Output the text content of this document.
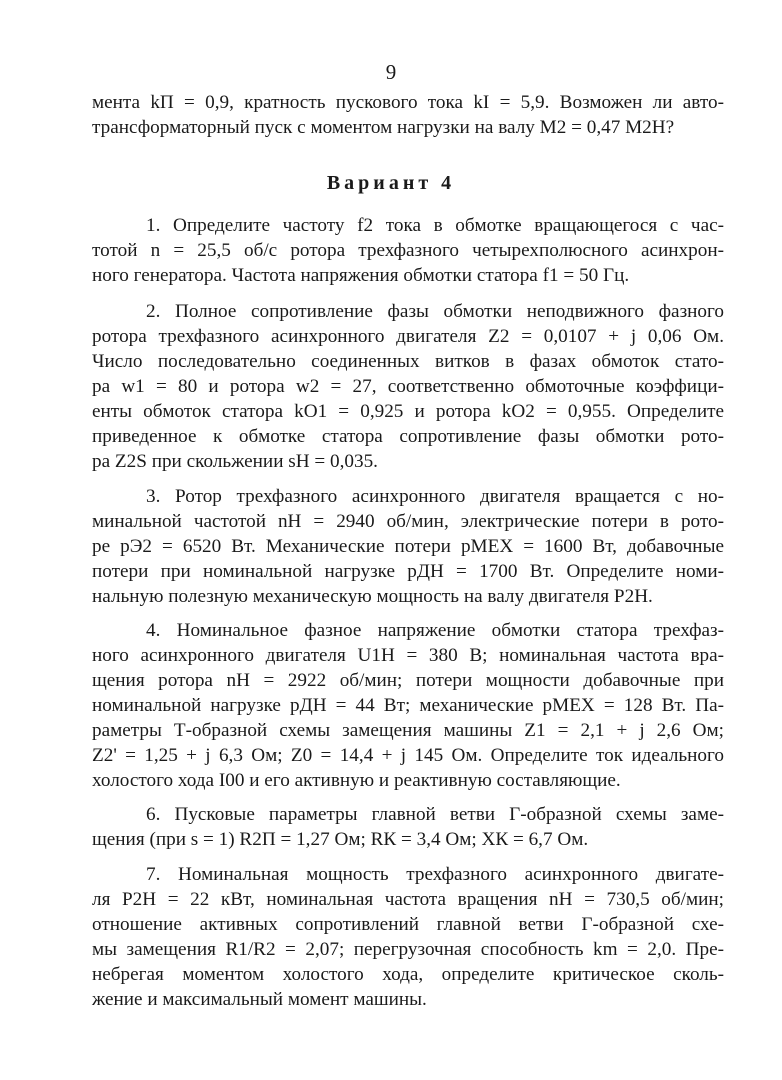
9
мента kП = 0,9, кратность пускового тока kI = 5,9. Возможен ли авто-
трансформаторный пуск с моментом нагрузки на валу M2 = 0,47 M2Н?
Вариант 4
1. Определите частоту f2 тока в обмотке вращающегося с час-
тотой n = 25,5 об/с ротора трехфазного четырехполюсного асинхрон-
ного генератора. Частота напряжения обмотки статора f1 = 50 Гц.
2. Полное сопротивление фазы обмотки неподвижного фазного
ротора трехфазного асинхронного двигателя Z2 = 0,0107 + j 0,06 Ом.
Число последовательно соединенных витков в фазах обмоток стато-
ра w1 = 80 и ротора w2 = 27, соответственно обмоточные коэффици-
енты обмоток статора kО1 = 0,925 и ротора kО2 = 0,955. Определите
приведенное к обмотке статора сопротивление фазы обмотки рото-
ра Z2S при скольжении sН = 0,035.
3. Ротор трехфазного асинхронного двигателя вращается с но-
минальной частотой nН = 2940 об/мин, электрические потери в рото-
ре pЭ2 = 6520 Вт. Механические потери pМЕХ = 1600 Вт, добавочные
потери при номинальной нагрузке pДН = 1700 Вт. Определите номи-
нальную полезную механическую мощность на валу двигателя P2Н.
4. Номинальное фазное напряжение обмотки статора трехфаз-
ного асинхронного двигателя U1Н = 380 В; номинальная частота вра-
щения ротора nН = 2922 об/мин; потери мощности добавочные при
номинальной нагрузке pДН = 44 Вт; механические pМЕХ = 128 Вт. Па-
раметры Т-образной схемы замещения машины Z1 = 2,1 + j 2,6 Ом;
Z2' = 1,25 + j 6,3 Ом; Z0 = 14,4 + j 145 Ом. Определите ток идеального
холостого хода I00 и его активную и реактивную составляющие.
6. Пусковые параметры главной ветви Г-образной схемы заме-
щения (при s = 1) R2П = 1,27 Ом; RК = 3,4 Ом; XК = 6,7 Ом.
7. Номинальная мощность трехфазного асинхронного двигате-
ля P2Н = 22 кВт, номинальная частота вращения nН = 730,5 об/мин;
отношение активных сопротивлений главной ветви Г-образной схе-
мы замещения R1/R2 = 2,07; перегрузочная способность km = 2,0. Пре-
небрегая моментом холостого хода, определите критическое сколь-
жение и максимальный момент машины.
